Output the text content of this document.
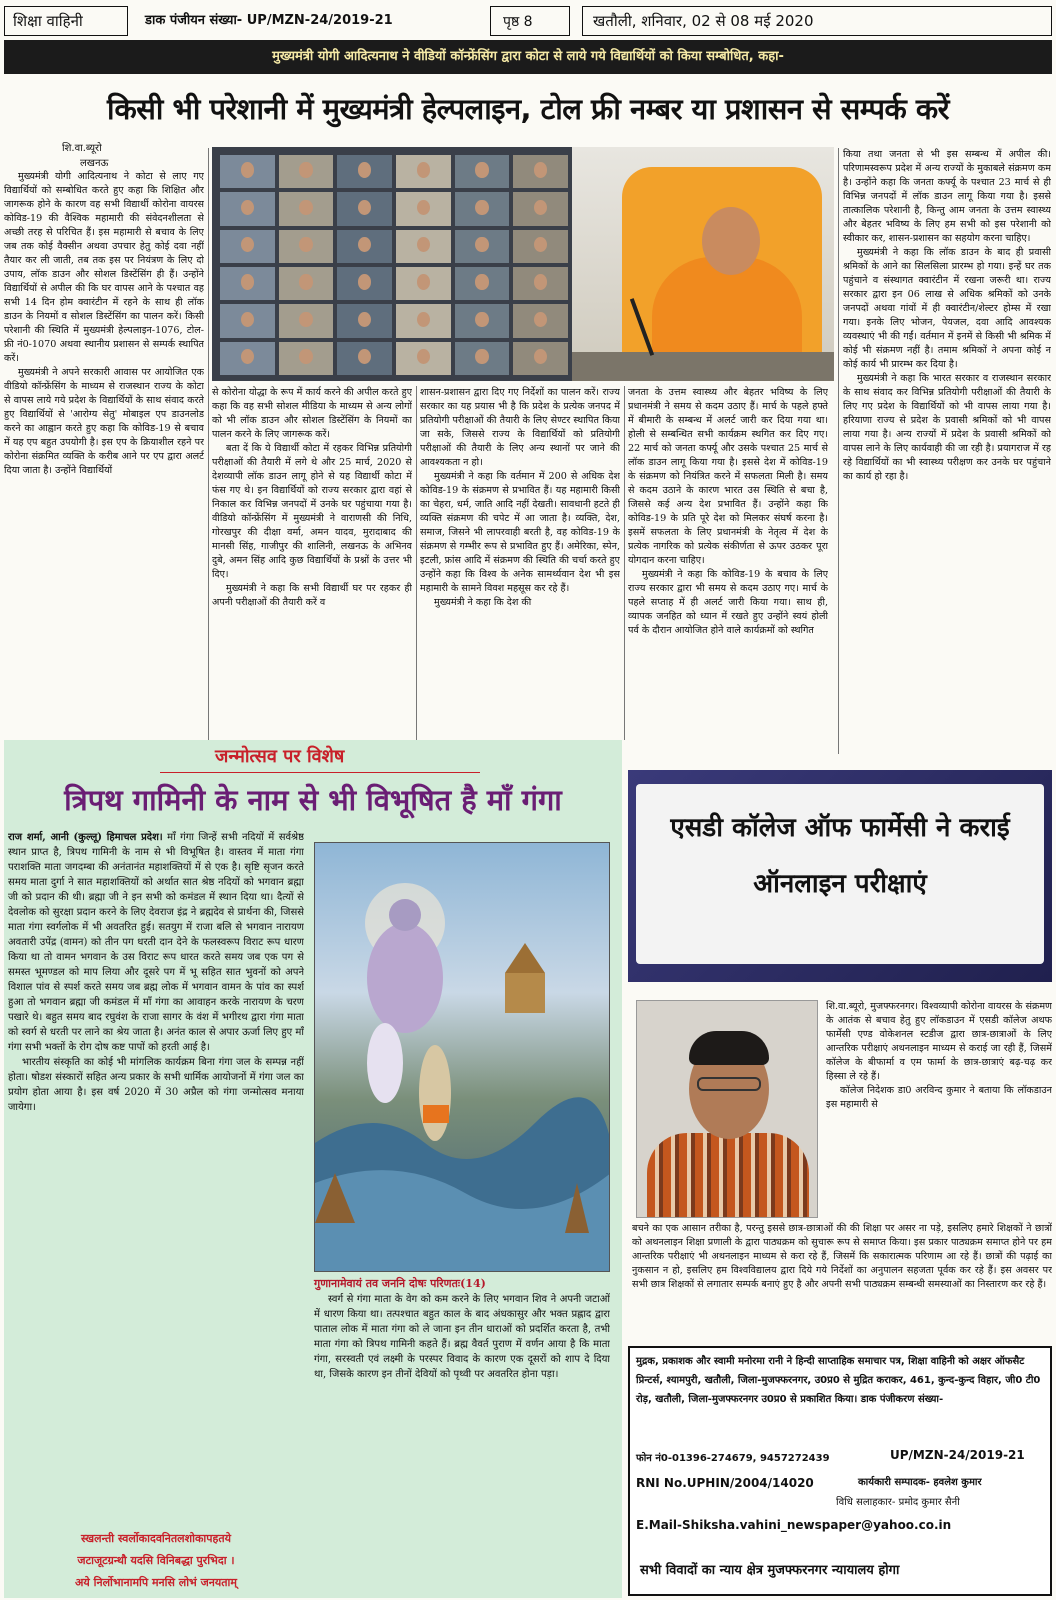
शिक्षा वाहिनी	डाक पंजीयन संख्या- UP/MZN-24/2019-21	पृष्ठ 8	खतौली, शनिवार, 02 से 08 मई 2020
मुख्यमंत्री योगी आदित्यनाथ ने वीडियों कॉन्फ्रेंसिंग द्वारा कोटा से लाये गये विद्यार्थियों को किया सम्बोधित, कहा-
किसी भी परेशानी में मुख्यमंत्री हेल्पलाइन, टोल फ्री नम्बर या प्रशासन से सम्पर्क करें
शि.वा.ब्यूरो
लखनऊ

मुख्यमंत्री योगी आदित्यनाथ ने कोटा से लाए गए विद्यार्थियों को सम्बोधित करते हुए कहा कि शिक्षित और जागरूक होने के कारण वह सभी विद्यार्थी कोरोना वायरस कोविड-19 की वैश्विक महामारी की संवेदनशीलता से अच्छी तरह से परिचित हैं। इस महामारी से बचाव के लिए जब तक कोई वैक्सीन अथवा उपचार हेतु कोई दवा नहीं तैयार कर ली जाती, तब तक इस पर नियंत्रण के लिए दो उपाय, लॉक डाउन और सोशल डिस्टेंसिंग ही हैं। उन्होंने विद्यार्थियों से अपील की कि घर वापस आने के पश्चात वह सभी 14 दिन होम क्वारंटीन में रहने के साथ ही लॉक डाउन के नियमों व सोशल डिस्टेंसिंग का पालन करें। किसी परेशानी की स्थिति में मुख्यमंत्री हेल्पलाइन-1076, टोल-फ्री नं0-1070 अथवा स्थानीय प्रशासन से सम्पर्क स्थापित करें।

मुख्यमंत्री ने अपने सरकारी आवास पर आयोजित एक वीडियो कॉन्फ्रेंसिंग के माध्यम से राजस्थान राज्य के कोटा से वापस लाये गये प्रदेश के विद्यार्थियों के साथ संवाद करते हुए विद्यार्थियों से 'आरोग्य सेतु' मोबाइल एप डाउनलोड करने का आह्वान करते हुए कहा कि कोविड-19 से बचाव में यह एप बहुत उपयोगी है। इस एप के क्रियाशील रहने पर कोरोना संक्रमित व्यक्ति के करीब आने पर एप द्वारा अलर्ट दिया जाता है। उन्होंने विद्यार्थियों

से कोरोना योद्धा के रूप में कार्य करने की अपील करते हुए कहा कि वह सभी सोशल मीडिया के माध्यम से अन्य लोगों को भी लॉक डाउन और सोशल डिस्टेंसिंग के नियमों का पालन करने के लिए जागरूक करें।

बता दें कि ये विद्यार्थी कोटा में रहकर विभिन्न प्रतियोगी परीक्षाओं की तैयारी में लगे थे और 25 मार्च, 2020 से देशव्यापी लॉक डाउन लागू होने से यह विद्यार्थी कोटा में फंस गए थे। इन विद्यार्थियों को राज्य सरकार द्वारा वहां से निकाल कर विभिन्न जनपदों में उनके घर पहुंचाया गया है। वीडियो कॉन्फ्रेंसिंग में मुख्यमंत्री ने वाराणसी की निधि, गोरखपुर की दीक्षा वर्मा, अमन यादव, मुरादाबाद की मानसी सिंह, गाजीपुर की शालिनी, लखनऊ के अभिनव दुबे, अमन सिंह आदि कुछ विद्यार्थियों के प्रश्नों के उत्तर भी दिए।

मुख्यमंत्री ने कहा कि सभी विद्यार्थी घर पर रहकर ही अपनी परीक्षाओं की तैयारी करें व

शासन-प्रशासन द्वारा दिए गए निर्देशों का पालन करें। राज्य सरकार का यह प्रयास भी है कि प्रदेश के प्रत्येक जनपद में प्रतियोगी परीक्षाओं की तैयारी के लिए सेण्टर स्थापित किया जा सके, जिससे राज्य के विद्यार्थियों को प्रतियोगी परीक्षाओं की तैयारी के लिए अन्य स्थानों पर जाने की आवश्यकता न हो।

मुख्यमंत्री ने कहा कि वर्तमान में 200 से अधिक देश कोविड-19 के संक्रमण से प्रभावित हैं। यह महामारी किसी का चेहरा, धर्म, जाति आदि नहीं देखती। सावधानी हटते ही व्यक्ति संक्रमण की चपेट में आ जाता है। व्यक्ति, देश, समाज, जिसने भी लापरवाही बरती है, वह कोविड-19 के संक्रमण से गम्भीर रूप से प्रभावित हुए हैं। अमेरिका, स्पेन, इटली, फ्रांस आदि में संक्रमण की स्थिति की चर्चा करते हुए उन्होंने कहा कि विश्व के अनेक सामर्थ्यवान देश भी इस महामारी के सामने विवश महसूस कर रहे हैं।

मुख्यमंत्री ने कहा कि देश की

जनता के उत्तम स्वास्थ्य और बेहतर भविष्य के लिए प्रधानमंत्री ने समय से कदम उठाए हैं। मार्च के पहले हफ्ते में बीमारी के सम्बन्ध में अलर्ट जारी कर दिया गया था। होली से सम्बन्धित सभी कार्यक्रम स्थगित कर दिए गए। 22 मार्च को जनता कर्फ्यू और उसके पश्चात 25 मार्च से लॉक डाउन लागू किया गया है। इससे देश में कोविड-19 के संक्रमण को नियंत्रित करने में सफलता मिली है। समय से कदम उठाने के कारण भारत उस स्थिति से बचा है, जिससे कई अन्य देश प्रभावित हैं। उन्होंने कहा कि कोविड-19 के प्रति पूरे देश को मिलकर संघर्ष करना है। इसमें सफलता के लिए प्रधानमंत्री के नेतृत्व में देश के प्रत्येक नागरिक को प्रत्येक संकीर्णता से ऊपर उठकर पूरा योगदान करना चाहिए।

मुख्यमंत्री ने कहा कि कोविड-19 के बचाव के लिए राज्य सरकार द्वारा भी समय से कदम उठाए गए। मार्च के पहले सप्ताह में ही अलर्ट जारी किया गया। साथ ही, व्यापक जनहित को ध्यान में रखते हुए उन्होंने स्वयं होली पर्व के दौरान आयोजित होने वाले कार्यक्रमों को स्थगित

किया तथा जनता से भी इस सम्बन्ध में अपील की। परिणामस्वरूप प्रदेश में अन्य राज्यों के मुकाबले संक्रमण कम है। उन्होंने कहा कि जनता कर्फ्यू के पश्चात 23 मार्च से ही विभिन्न जनपदों में लॉक डाउन लागू किया गया है। इससे तात्कालिक परेशानी है, किन्तु आम जनता के उत्तम स्वास्थ्य और बेहतर भविष्य के लिए हम सभी को इस परेशानी को स्वीकार कर, शासन-प्रशासन का सहयोग करना चाहिए।

मुख्यमंत्री ने कहा कि लॉक डाउन के बाद ही प्रवासी श्रमिकों के आने का सिलसिला प्रारम्भ हो गया। इन्हें घर तक पहुंचाने व संस्थागत क्वारंटीन में रखना जरूरी था। राज्य सरकार द्वारा इन 06 लाख से अधिक श्रमिकों को उनके जनपदों अथवा गांवों में ही क्वारंटीन/शेल्टर होम्स में रखा गया। इनके लिए भोजन, पेयजल, दवा आदि आवश्यक व्यवस्थाएं भी की गईं। वर्तमान में इनमें से किसी भी श्रमिक में कोई भी संक्रमण नहीं है। तमाम श्रमिकों ने अपना कोई न कोई कार्य भी प्रारम्भ कर दिया है।

मुख्यमंत्री ने कहा कि भारत सरकार व राजस्थान सरकार के साथ संवाद कर विभिन्न प्रतियोगी परीक्षाओं की तैयारी के लिए गए प्रदेश के विद्यार्थियों को भी वापस लाया गया है। हरियाणा राज्य से प्रदेश के प्रवासी श्रमिकों को भी वापस लाया गया है। अन्य राज्यों में प्रदेश के प्रवासी श्रमिकों को वापस लाने के लिए कार्यवाही की जा रही है। प्रयागराज में रह रहे विद्यार्थियों का भी स्वास्थ्य परीक्षण कर उनके घर पहुंचाने का कार्य हो रहा है।

जन्मोत्सव पर विशेष
त्रिपथ गामिनी के नाम से भी विभूषित है माँ गंगा

राज शर्मा, आनी (कुल्लू) हिमाचल प्रदेश। माँ गंगा जिन्हें सभी नदियों में सर्वश्रेष्ठ स्थान प्राप्त है, त्रिपथ गामिनी के नाम से भी विभूषित है। वास्तव में माता गंगा पराशक्ति माता जगदम्बा की अनंतानंत महाशक्तियों में से एक है। सृष्टि सृजन करते समय माता दुर्गा ने सात महाशक्तियों को अर्थात सात श्रेष्ठ नदियों को भगवान ब्रह्मा जी को प्रदान की थी। ब्रह्मा जी ने इन सभी को कमंडल में स्थान दिया था। दैत्यों से देवलोक को सुरक्षा प्रदान करने के लिए देवराज इंद्र ने ब्रह्मदेव से प्रार्थना की, जिससे माता गंगा स्वर्गलोक में भी अवतरित हुई। सतयुग में राजा बलि से भगवान नारायण अवतारी उपेंद्र (वामन) को तीन पग धरती दान देने के फलस्वरूप विराट रूप धारण किया था तो वामन भगवान के उस विराट रूप धारत करते समय जब एक पग से समस्त भूमण्डल को माप लिया और दूसरे पग में भू सहित सात भुवनों को अपने विशाल पांव से स्पर्श करते समय जब ब्रह्म लोक में भगवान वामन के पांव का स्पर्श हुआ तो भगवान ब्रह्मा जी कमंडल में माँ गंगा का आवाहन करके नारायण के चरण पखारे थे। बहुत समय बाद रघुवंश के राजा सागर के वंश में भगीरथ द्वारा गंगा माता को स्वर्ग से धरती पर लाने का श्रेय जाता है। अनंत काल से अपार ऊर्जा लिए हुए माँ गंगा सभी भक्तों के रोग दोष कष्ट पापों को हरती आई है।

भारतीय संस्कृति का कोई भी मांगलिक कार्यक्रम बिना गंगा जल के सम्पन्न नहीं होता। षोडश संस्कारों सहित अन्य प्रकार के सभी धार्मिक आयोजनों में गंगा जल का प्रयोग होता आया है। इस वर्ष 2020 में 30 अप्रैल को गंगा जन्मोत्सव मनाया जायेगा।

स्खलन्ती स्वर्लोकादवनितलशोकापहतये
जटाजूटग्रन्थौ यदसि विनिबद्धा पुरभिदा ।
अये निर्लोभानामपि मनसि लोभं जनयताम्
गुणानामेवायं तव जननि दोषः परिणतः(14)

स्वर्ग से गंगा माता के वेग को कम करने के लिए भगवान शिव ने अपनी जटाओं में धारण किया था। तत्पश्चात बहुत काल के बाद अंधकासुर और भक्त प्रह्लाद द्वारा पाताल लोक में माता गंगा को ले जाना इन तीन धाराओं को प्रदर्शित करता है, तभी माता गंगा को त्रिपथ गामिनी कहते हैं। ब्रह्म वैवर्त पुराण में वर्णन आया है कि माता गंगा, सरस्वती एवं लक्ष्मी के परस्पर विवाद के कारण एक दूसरों को शाप दे दिया था, जिसके कारण इन तीनों देवियों को पृथ्वी पर अवतरित होना पड़ा।

एसडी कॉलेज ऑफ फार्मेसी ने कराई ऑनलाइन परीक्षाएं

शि.वा.ब्यूरो, मुजफ्फरनगर। विश्वव्यापी कोरोना वायरस के संक्रमण के आतंक से बचाव हेतु हुए लॉकडाउन में एसडी कॉलेज अथफ फार्मेसी एण्ड वोकेशनल स्टडीज द्वारा छात्र-छात्राओं के लिए आन्तरिक परीक्षाएं अथनलाइन माध्यम से कराई जा रही हैं, जिसमें कॉलेज के बीफार्मा व एम फार्मा के छात्र-छात्राएं बढ़-चढ़ कर हिस्सा ले रहे हैं।

कॉलेज निदेशक डा0 अरविन्द कुमार ने बताया कि लॉकडाउन इस महामारी से

बचने का एक आसान तरीका है, परन्तु इससे छात्र-छात्राओं की की शिक्षा पर असर ना पड़े, इसलिए हमारे शिक्षकों ने छात्रों को अथनलाइन शिक्षा प्रणाली के द्वारा पाठ्यक्रम को सुचारू रूप से समाप्त किया। इस प्रकार पाठ्यक्रम समाप्त होने पर हम आन्तरिक परीक्षाएं भी अथनलाइन माध्यम से करा रहे हैं, जिसमें कि सकारात्मक परिणाम आ रहे हैं। छात्रों की पढ़ाई का नुकसान न हो, इसलिए हम विश्वविद्यालय द्वारा दिये गये निर्देशों का अनुपालन सहजता पूर्वक कर रहे हैं। इस अवसर पर सभी छात्र शिक्षकों से लगातार सम्पर्क बनाएं हुए है और अपनी सभी पाठ्यक्रम सम्बन्धी समस्याओं का निस्तारण कर रहे हैं।

मुद्रक, प्रकाशक और स्वामी मनोरमा रानी ने हिन्दी साप्ताहिक समाचार पत्र, शिक्षा वाहिनी को अक्षर ऑफसैट प्रिन्टर्स, श्यामपुरी, खतौली, जिला-मुजफ्फरनगर, उ0प्र0 से मुद्रित कराकर, 461, कुन्द-कुन्द विहार, जी0 टी0 रोड़, खतौली, जिला-मुजफ्फरनगर उ0प्र0 से प्रकाशित किया। डाक पंजीकरण संख्या-
फोन नं0-01396-274679, 9457272439	UP/MZN-24/2019-21
RNI No.UPHIN/2004/14020	कार्यकारी सम्पादक- हवलेश कुमार
विधि सलाहकार- प्रमोद कुमार सैनी
E.Mail-Shiksha.vahini_newspaper@yahoo.co.in
सभी विवादों का न्याय क्षेत्र मुजफ्फरनगर न्यायालय होगा
